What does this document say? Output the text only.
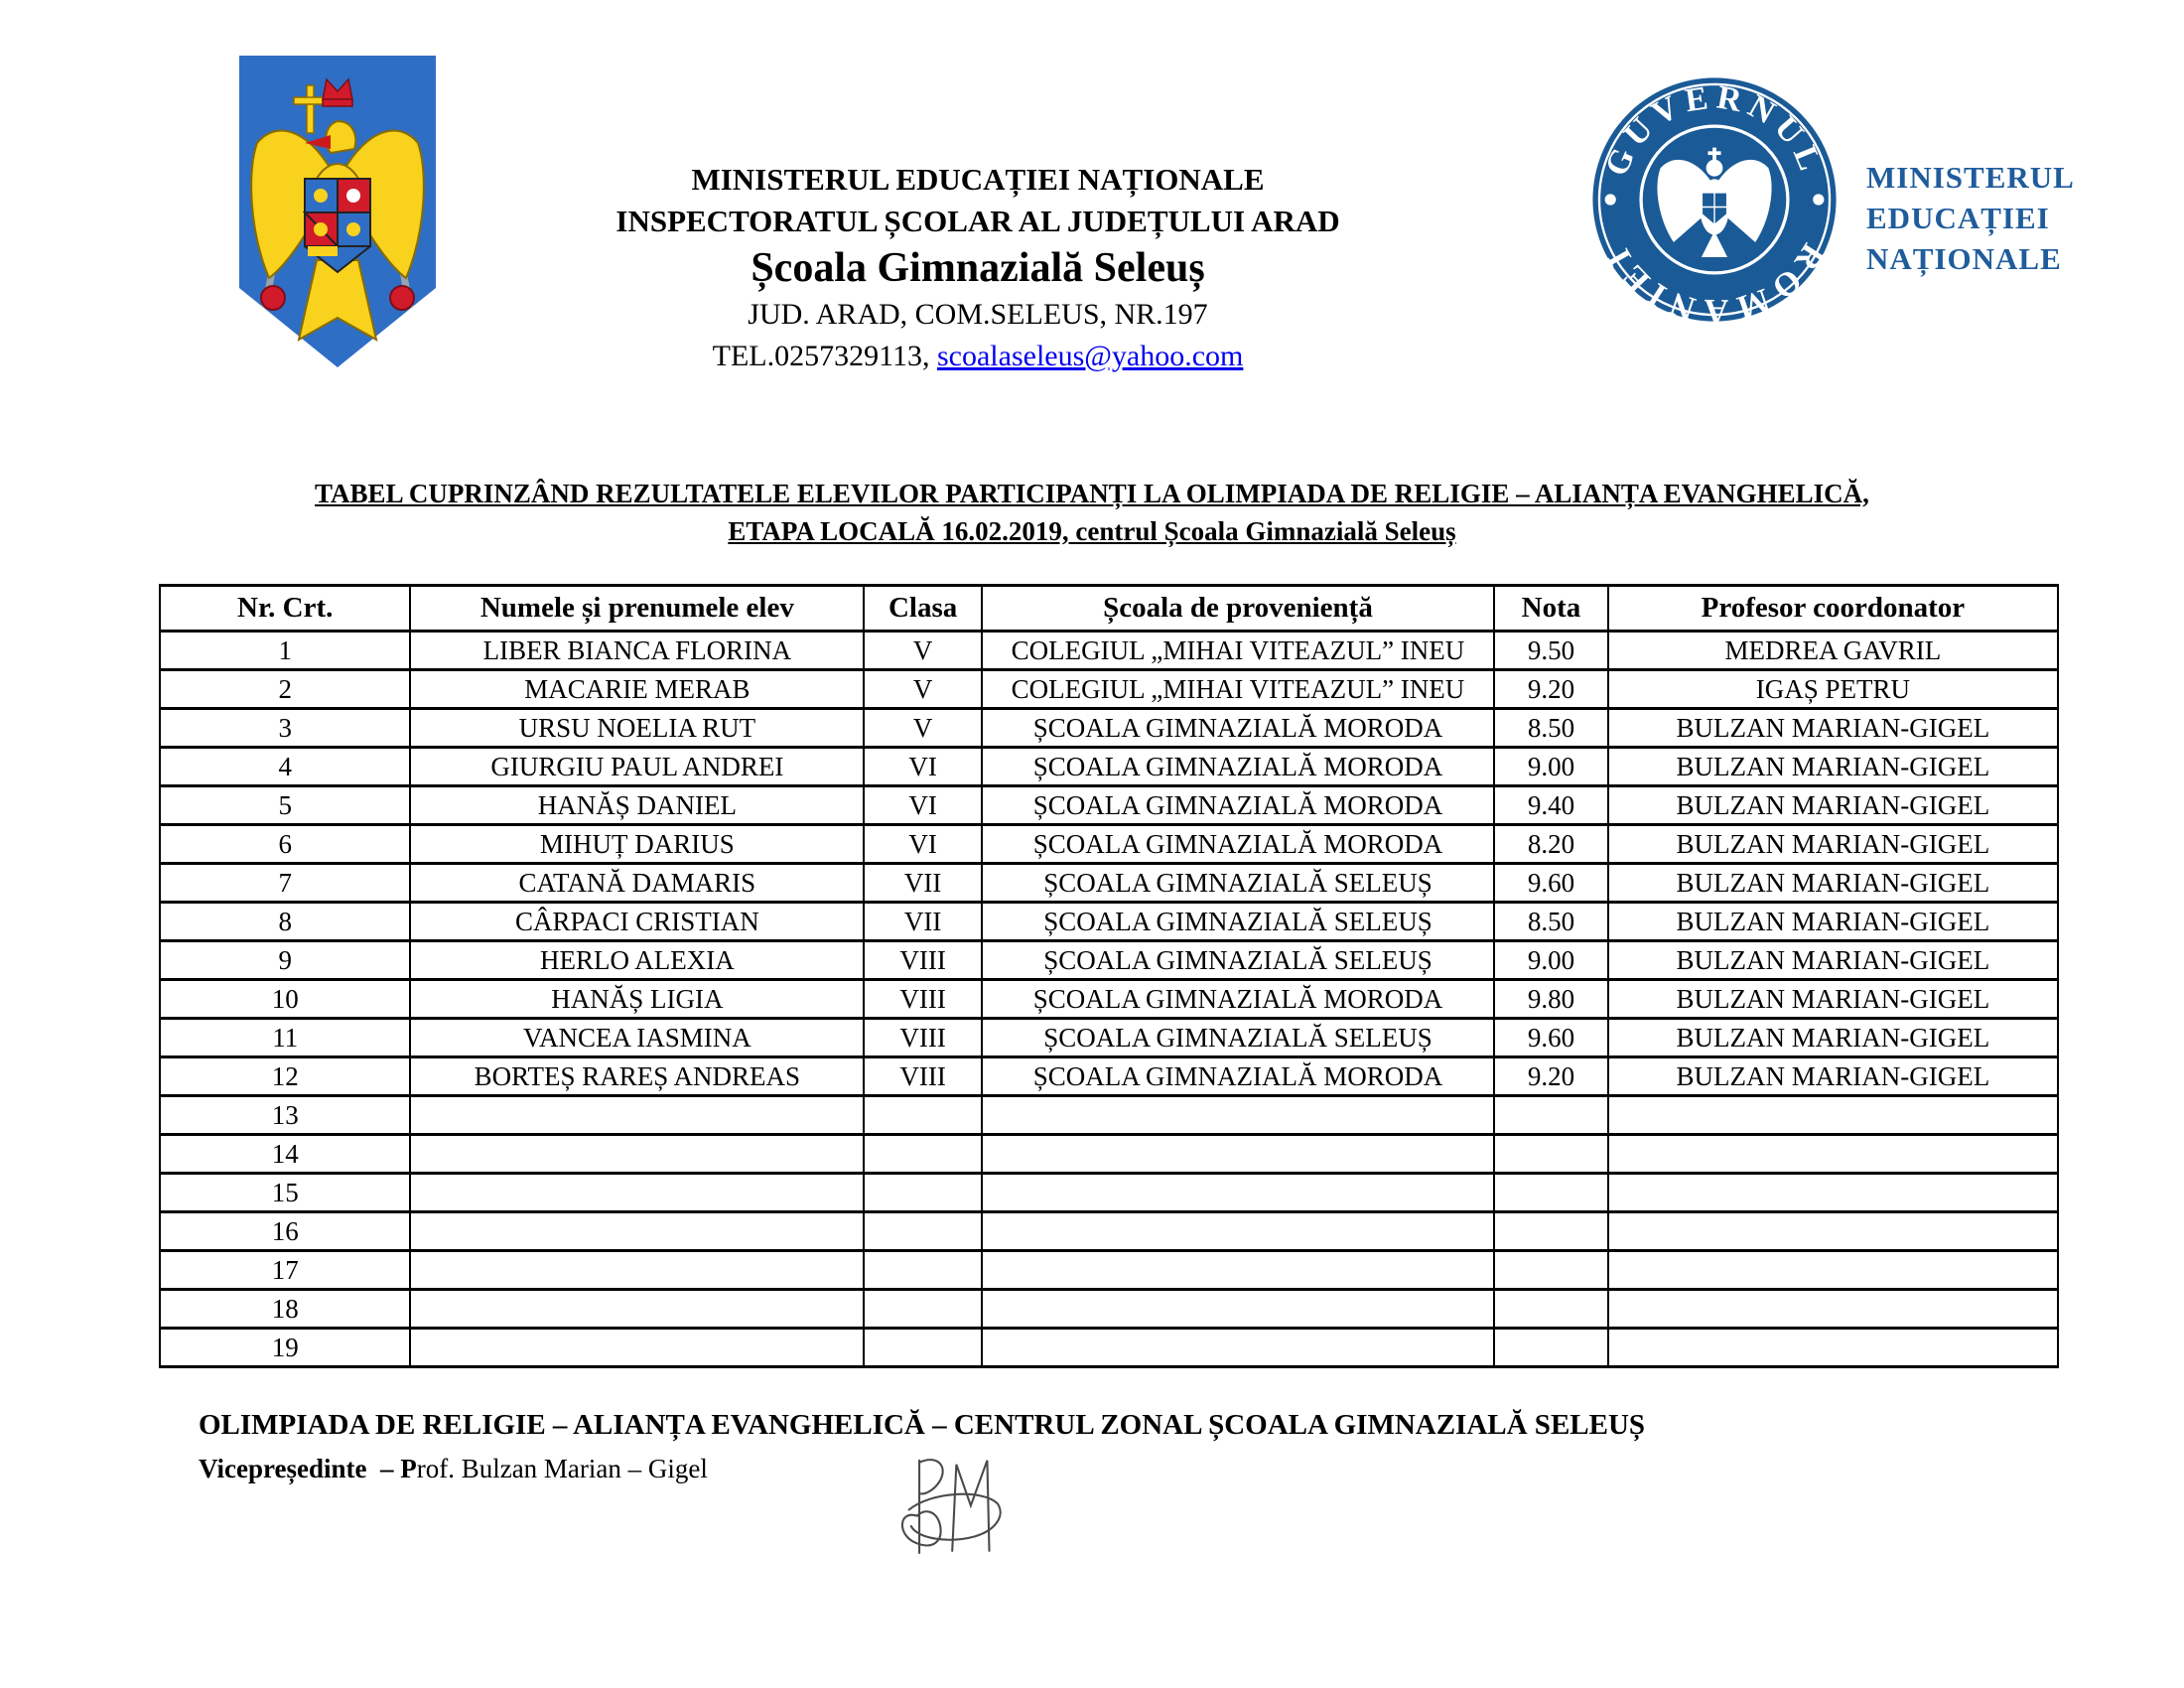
MINISTERUL EDUCAȚIEI NAȚIONALE
INSPECTORATUL ȘCOLAR AL JUDEȚULUI ARAD
Școala Gimnazială Seleuș
JUD. ARAD, COM.SELEUS, NR.197
TEL.0257329113, scoalaseleus@yahoo.com
GUVERNUL
ROMÂNIEI
MINISTERUL
EDUCAȚIEI
NAȚIONALE
TABEL CUPRINZÂND REZULTATELE ELEVILOR PARTICIPANȚI LA OLIMPIADA DE RELIGIE – ALIANȚA EVANGHELICĂ,
ETAPA LOCALĂ 16.02.2019, centrul Școala Gimnazială Seleuș
Nr. Crt.	Numele și prenumele elev	Clasa	Școala de proveniență	Nota	Profesor coordonator
1	LIBER BIANCA FLORINA	V	COLEGIUL „MIHAI VITEAZUL” INEU	9.50	MEDREA GAVRIL
2	MACARIE MERAB	V	COLEGIUL „MIHAI VITEAZUL” INEU	9.20	IGAȘ PETRU
3	URSU NOELIA RUT	V	ȘCOALA GIMNAZIALĂ MORODA	8.50	BULZAN MARIAN-GIGEL
4	GIURGIU PAUL ANDREI	VI	ȘCOALA GIMNAZIALĂ MORODA	9.00	BULZAN MARIAN-GIGEL
5	HANĂȘ DANIEL	VI	ȘCOALA GIMNAZIALĂ MORODA	9.40	BULZAN MARIAN-GIGEL
6	MIHUȚ DARIUS	VI	ȘCOALA GIMNAZIALĂ MORODA	8.20	BULZAN MARIAN-GIGEL
7	CATANĂ DAMARIS	VII	ȘCOALA GIMNAZIALĂ SELEUȘ	9.60	BULZAN MARIAN-GIGEL
8	CÂRPACI CRISTIAN	VII	ȘCOALA GIMNAZIALĂ SELEUȘ	8.50	BULZAN MARIAN-GIGEL
9	HERLO ALEXIA	VIII	ȘCOALA GIMNAZIALĂ SELEUȘ	9.00	BULZAN MARIAN-GIGEL
10	HANĂȘ LIGIA	VIII	ȘCOALA GIMNAZIALĂ MORODA	9.80	BULZAN MARIAN-GIGEL
11	VANCEA IASMINA	VIII	ȘCOALA GIMNAZIALĂ SELEUȘ	9.60	BULZAN MARIAN-GIGEL
12	BORTEȘ RAREȘ ANDREAS	VIII	ȘCOALA GIMNAZIALĂ MORODA	9.20	BULZAN MARIAN-GIGEL
13					
14					
15					
16					
17					
18					
19					
OLIMPIADA DE RELIGIE – ALIANȚA EVANGHELICĂ – CENTRUL ZONAL ȘCOALA GIMNAZIALĂ SELEUȘ
Vicepreședinte  – Prof. Bulzan Marian – Gigel
